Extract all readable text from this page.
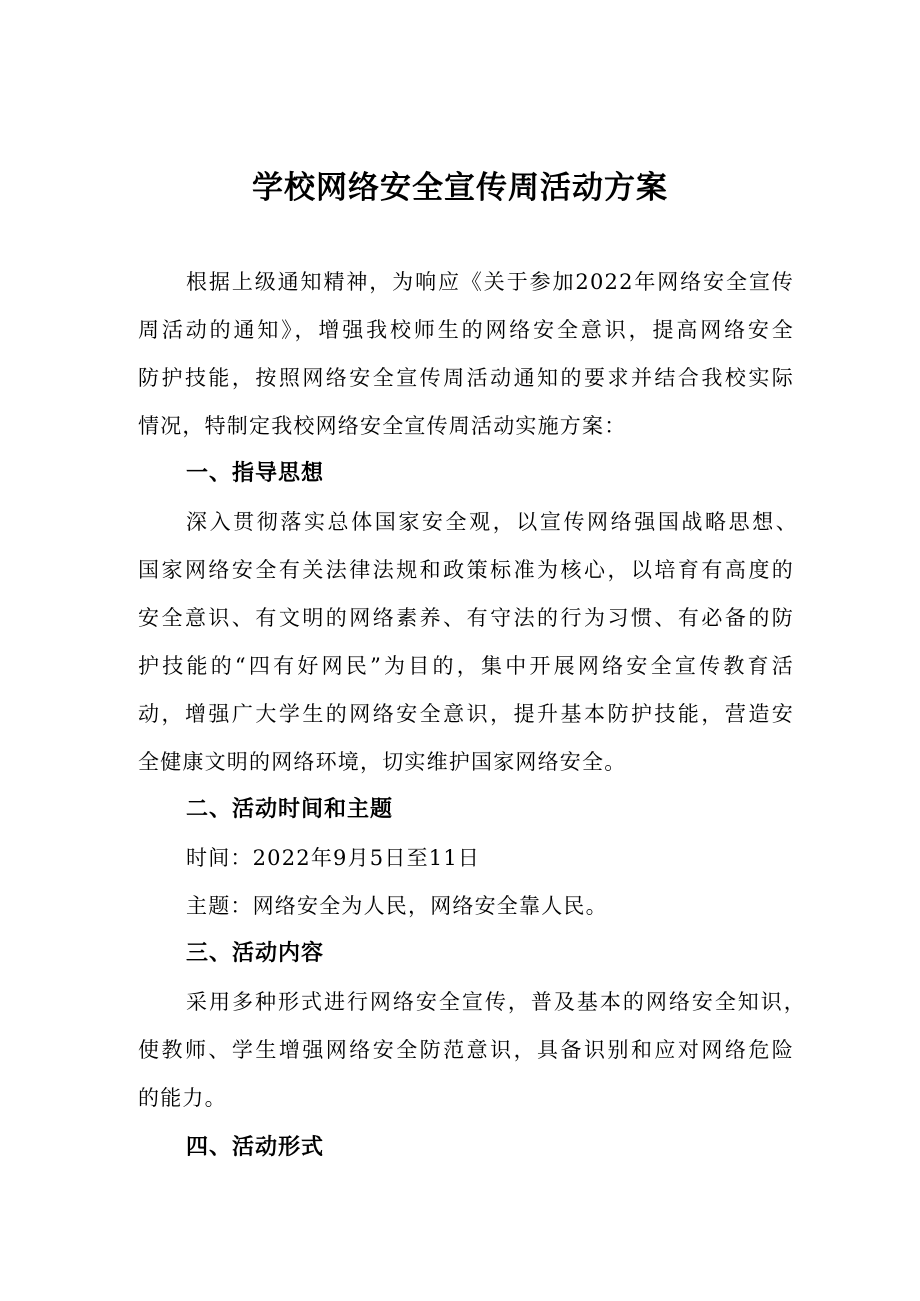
学校网络安全宣传周活动方案
根据上级通知精神，为响应《关于参加2022年网络安全宣传
周活动的通知》，增强我校师生的网络安全意识，提高网络安全
防护技能，按照网络安全宣传周活动通知的要求并结合我校实际
情况，特制定我校网络安全宣传周活动实施方案：
一、指导思想
深入贯彻落实总体国家安全观，以宣传网络强国战略思想、
国家网络安全有关法律法规和政策标准为核心，以培育有高度的
安全意识、有文明的网络素养、有守法的行为习惯、有必备的防
护技能的“四有好网民”为目的，集中开展网络安全宣传教育活
动，增强广大学生的网络安全意识，提升基本防护技能，营造安
全健康文明的网络环境，切实维护国家网络安全。
二、活动时间和主题
时间：2022年9月5日至11日
主题：网络安全为人民，网络安全靠人民。
三、活动内容
采用多种形式进行网络安全宣传，普及基本的网络安全知识，
使教师、学生增强网络安全防范意识，具备识别和应对网络危险
的能力。
四、活动形式
